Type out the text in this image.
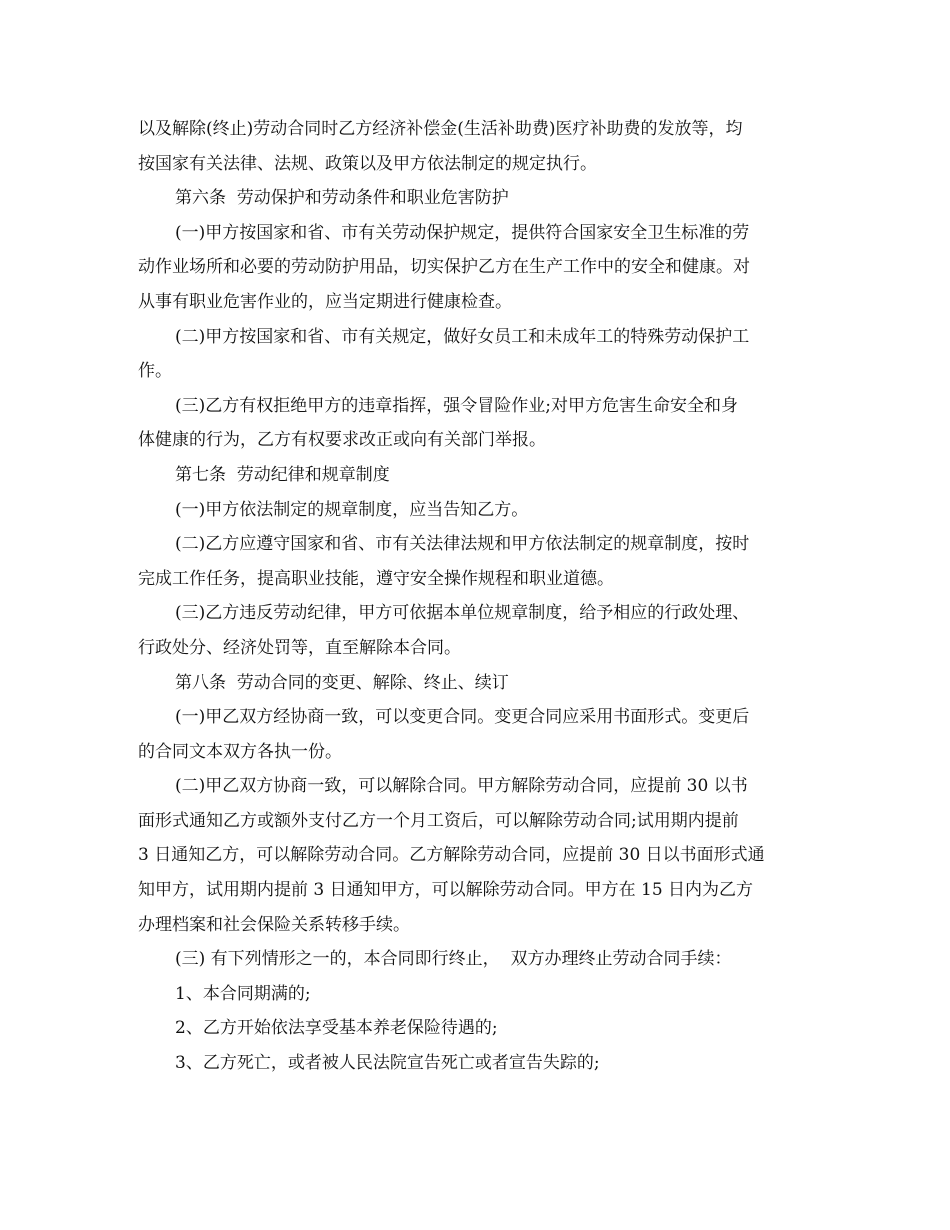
以及解除(终止)劳动合同时乙方经济补偿金(生活补助费)医疗补助费的发放等，均
按国家有关法律、法规、政策以及甲方依法制定的规定执行。
第六条  劳动保护和劳动条件和职业危害防护
(一)甲方按国家和省、市有关劳动保护规定，提供符合国家安全卫生标准的劳
动作业场所和必要的劳动防护用品，切实保护乙方在生产工作中的安全和健康。对
从事有职业危害作业的，应当定期进行健康检查。
(二)甲方按国家和省、市有关规定，做好女员工和未成年工的特殊劳动保护工
作。
(三)乙方有权拒绝甲方的违章指挥，强令冒险作业;对甲方危害生命安全和身
体健康的行为，乙方有权要求改正或向有关部门举报。
第七条  劳动纪律和规章制度
(一)甲方依法制定的规章制度，应当告知乙方。
(二)乙方应遵守国家和省、市有关法律法规和甲方依法制定的规章制度，按时
完成工作任务，提高职业技能，遵守安全操作规程和职业道德。
(三)乙方违反劳动纪律，甲方可依据本单位规章制度，给予相应的行政处理、
行政处分、经济处罚等，直至解除本合同。
第八条  劳动合同的变更、解除、终止、续订
(一)甲乙双方经协商一致，可以变更合同。变更合同应采用书面形式。变更后
的合同文本双方各执一份。
(二)甲乙双方协商一致，可以解除合同。甲方解除劳动合同，应提前 30 以书
面形式通知乙方或额外支付乙方一个月工资后，可以解除劳动合同;试用期内提前
3 日通知乙方，可以解除劳动合同。乙方解除劳动合同，应提前 30 日以书面形式通
知甲方，试用期内提前 3 日通知甲方，可以解除劳动合同。甲方在 15 日内为乙方
办理档案和社会保险关系转移手续。
(三) 有下列情形之一的，本合同即行终止，  双方办理终止劳动合同手续：
1、本合同期满的;
2、乙方开始依法享受基本养老保险待遇的;
3、乙方死亡，或者被人民法院宣告死亡或者宣告失踪的;
